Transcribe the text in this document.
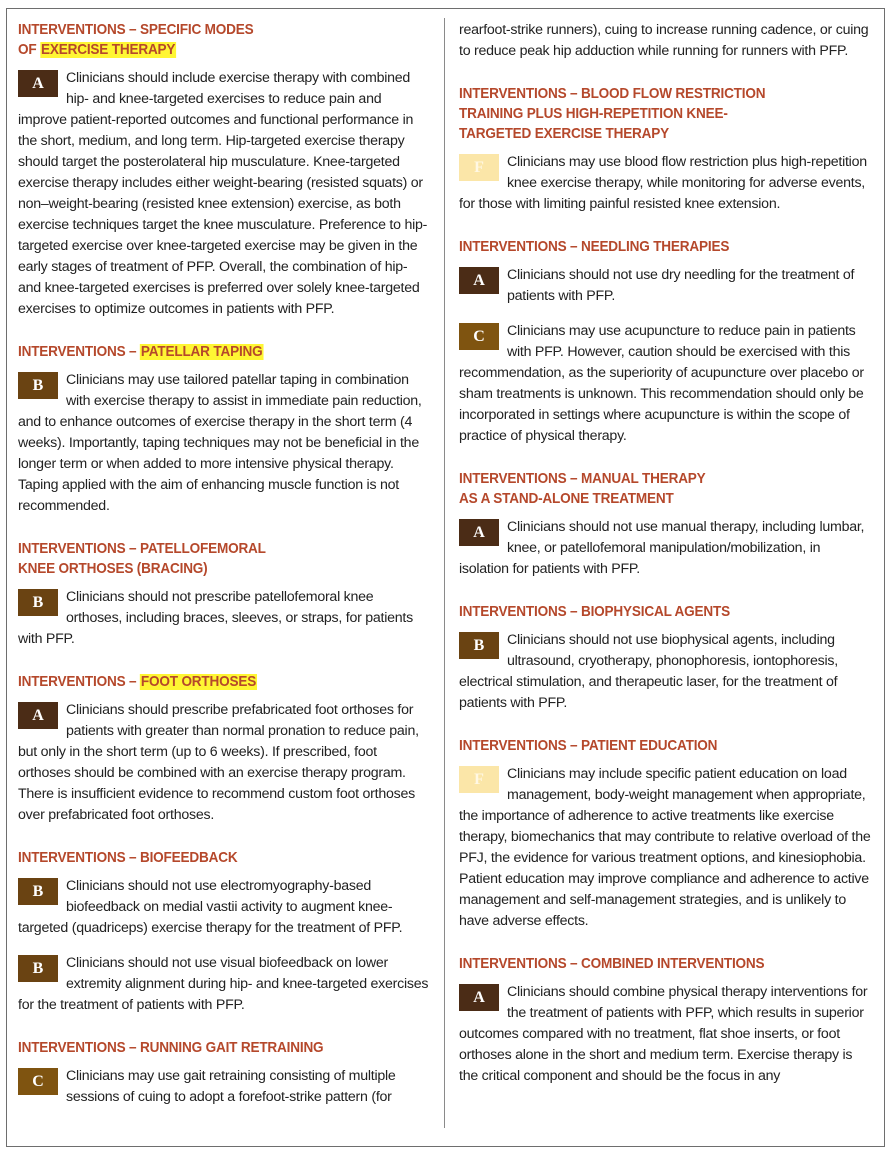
INTERVENTIONS – SPECIFIC MODES
OF EXERCISE THERAPY
A	Clinicians should include exercise therapy with combined hip- and knee-targeted exercises to reduce pain and improve patient-reported outcomes and functional performance in the short, medium, and long term. Hip-targeted exercise therapy should target the posterolateral hip musculature. Knee-targeted exercise therapy includes either weight-bearing (resisted squats) or non–weight-bearing (resisted knee extension) exercise, as both exercise techniques target the knee musculature. Preference to hip-targeted exercise over knee-targeted exercise may be given in the early stages of treatment of PFP. Overall, the combination of hip- and knee-targeted exercises is preferred over solely knee-targeted exercises to optimize outcomes in patients with PFP.

INTERVENTIONS – PATELLAR TAPING
B	Clinicians may use tailored patellar taping in combination with exercise therapy to assist in immediate pain reduction, and to enhance outcomes of exercise therapy in the short term (4 weeks). Importantly, taping techniques may not be beneficial in the longer term or when added to more intensive physical therapy. Taping applied with the aim of enhancing muscle function is not recommended.

INTERVENTIONS – PATELLOFEMORAL
KNEE ORTHOSES (BRACING)
B	Clinicians should not prescribe patellofemoral knee orthoses, including braces, sleeves, or straps, for patients with PFP.

INTERVENTIONS – FOOT ORTHOSES
A	Clinicians should prescribe prefabricated foot orthoses for patients with greater than normal pronation to reduce pain, but only in the short term (up to 6 weeks). If prescribed, foot orthoses should be combined with an exercise therapy program. There is insufficient evidence to recommend custom foot orthoses over prefabricated foot orthoses.

INTERVENTIONS – BIOFEEDBACK
B	Clinicians should not use electromyography-based biofeedback on medial vastii activity to augment knee-targeted (quadriceps) exercise therapy for the treatment of PFP.

B	Clinicians should not use visual biofeedback on lower extremity alignment during hip- and knee-targeted exercises for the treatment of patients with PFP.

INTERVENTIONS – RUNNING GAIT RETRAINING
C	Clinicians may use gait retraining consisting of multiple sessions of cuing to adopt a forefoot-strike pattern (for

rearfoot-strike runners), cuing to increase running cadence, or cuing to reduce peak hip adduction while running for runners with PFP.

INTERVENTIONS – BLOOD FLOW RESTRICTION
TRAINING PLUS HIGH-REPETITION KNEE-
TARGETED EXERCISE THERAPY
F	Clinicians may use blood flow restriction plus high-repetition knee exercise therapy, while monitoring for adverse events, for those with limiting painful resisted knee extension.

INTERVENTIONS – NEEDLING THERAPIES
A	Clinicians should not use dry needling for the treatment of patients with PFP.

C	Clinicians may use acupuncture to reduce pain in patients with PFP. However, caution should be exercised with this recommendation, as the superiority of acupuncture over placebo or sham treatments is unknown. This recommendation should only be incorporated in settings where acupuncture is within the scope of practice of physical therapy.

INTERVENTIONS – MANUAL THERAPY
AS A STAND-ALONE TREATMENT
A	Clinicians should not use manual therapy, including lumbar, knee, or patellofemoral manipulation/mobilization, in isolation for patients with PFP.

INTERVENTIONS – BIOPHYSICAL AGENTS
B	Clinicians should not use biophysical agents, including ultrasound, cryotherapy, phonophoresis, iontophoresis, electrical stimulation, and therapeutic laser, for the treatment of patients with PFP.

INTERVENTIONS – PATIENT EDUCATION
F	Clinicians may include specific patient education on load management, body-weight management when appropriate, the importance of adherence to active treatments like exercise therapy, biomechanics that may contribute to relative overload of the PFJ, the evidence for various treatment options, and kinesiophobia. Patient education may improve compliance and adherence to active management and self-management strategies, and is unlikely to have adverse effects.

INTERVENTIONS – COMBINED INTERVENTIONS
A	Clinicians should combine physical therapy interventions for the treatment of patients with PFP, which results in superior outcomes compared with no treatment, flat shoe inserts, or foot orthoses alone in the short and medium term. Exercise therapy is the critical component and should be the focus in any
